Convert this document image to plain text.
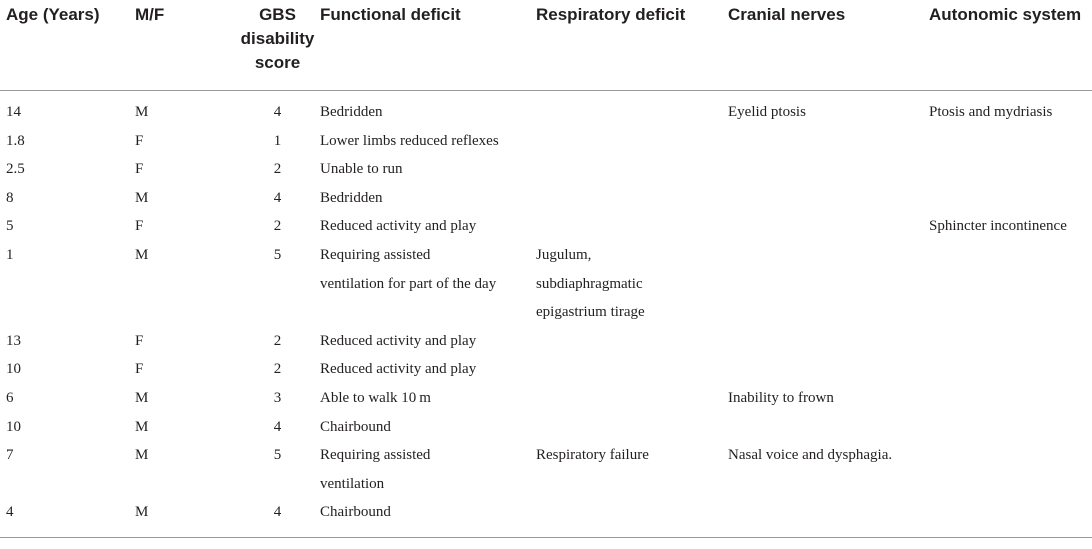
Age (Years)	M/F	GBS
disability
score	Functional deficit	Respiratory deficit	Cranial nerves	Autonomic system
14	M	4	Bedridden		Eyelid ptosis	Ptosis and mydriasis

1.8	F	1	Lower limbs reduced reflexes			

2.5	F	2	Unable to run			

8	M	4	Bedridden			

5	F	2	Reduced activity and play			Sphincter incontinence

1	M	5	Requiring assisted
ventilation for part of the day	Jugulum,
subdiaphragmatic
epigastrium tirage		

13	F	2	Reduced activity and play			

10	F	2	Reduced activity and play			

6	M	3	Able to walk 10 m		Inability to frown	

10	M	4	Chairbound			

7	M	5	Requiring assisted
ventilation	Respiratory failure	Nasal voice and dysphagia.	

4	M	4	Chairbound			
